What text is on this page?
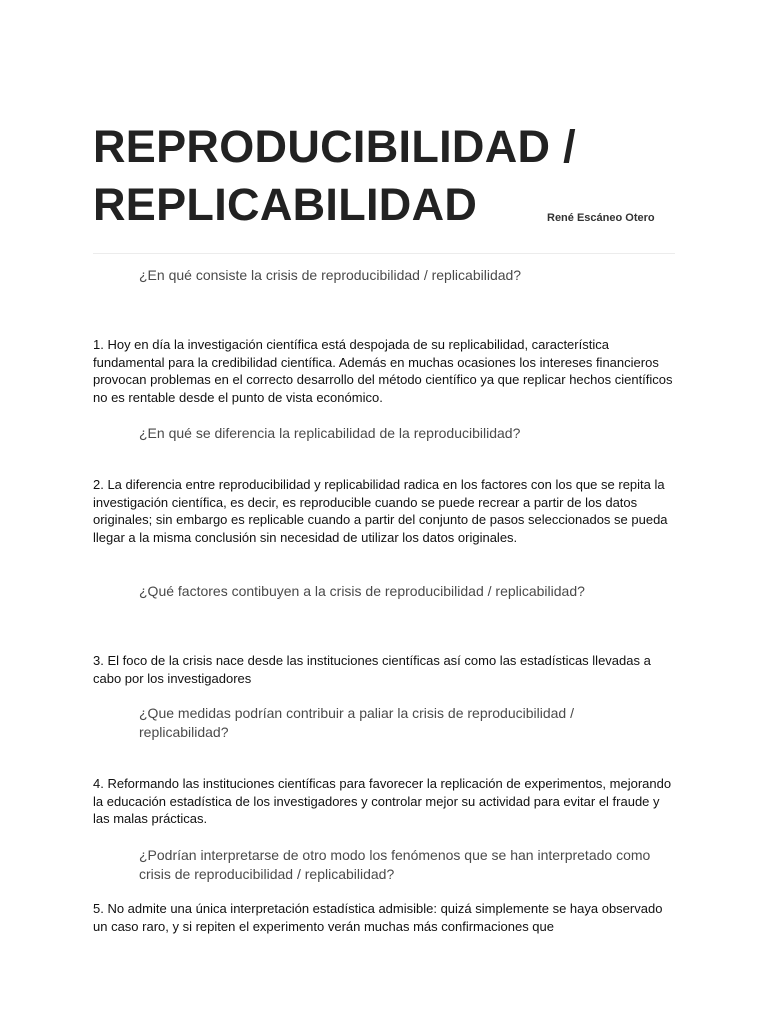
REPRODUCIBILIDAD /
REPLICABILIDAD	René Escáneo Otero
¿En qué consiste la crisis de reproducibilidad / replicabilidad?
1. Hoy en día la investigación científica está despojada de su replicabilidad, característica fundamental para la credibilidad científica. Además en muchas ocasiones los intereses financieros provocan problemas en el correcto desarrollo del método científico ya que replicar hechos científicos no es rentable desde el punto de vista económico.
¿En qué se diferencia la replicabilidad de la reproducibilidad?
2. La diferencia entre reproducibilidad y replicabilidad radica en los factores con los que se repita la investigación científica, es decir, es reproducible cuando se puede recrear a partir de los datos originales; sin embargo es replicable cuando a partir del conjunto de pasos seleccionados se pueda llegar a la misma conclusión sin necesidad de utilizar los datos originales.
¿Qué factores contibuyen a la crisis de reproducibilidad / replicabilidad?
3. El foco de la crisis nace desde las instituciones científicas así como las estadísticas llevadas a cabo por los investigadores
¿Que medidas podrían contribuir a paliar la crisis de reproducibilidad / replicabilidad?
4. Reformando las instituciones científicas para favorecer la replicación de experimentos, mejorando la educación estadística de los investigadores y controlar mejor su actividad para evitar el fraude y las malas prácticas.
¿Podrían interpretarse de otro modo los fenómenos que se han interpretado como crisis de reproducibilidad / replicabilidad?
5. No admite una única interpretación estadística admisible: quizá simplemente se haya observado un caso raro, y si repiten el experimento verán muchas más confirmaciones que
